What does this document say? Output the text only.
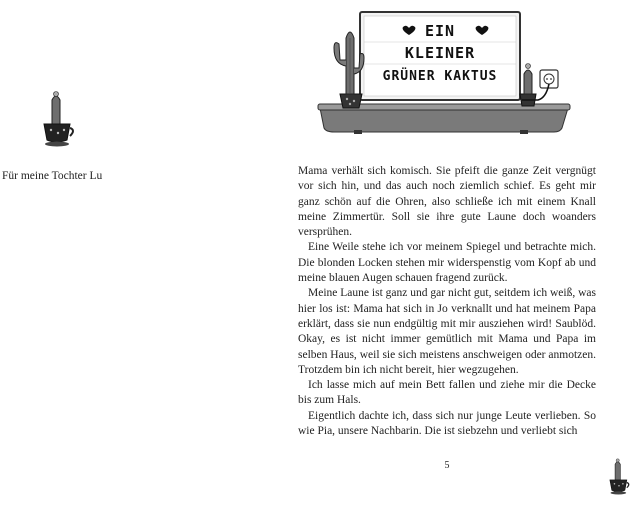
EIN
KLEINER
GRÜNER KAKTUS
Für meine Tochter Lu	Mama verhält sich komisch. Sie pfeift die ganze Zeit vergnügt vor sich hin, und das auch noch ziemlich schief. Es geht mir ganz schön auf die Ohren, also schließe ich mit einem Knall meine Zimmertür. Soll sie ihre gute Laune doch woanders versprühen.

Eine Weile stehe ich vor meinem Spiegel und betrachte mich. Die blonden Locken stehen mir widerspenstig vom Kopf ab und meine blauen Augen schauen fragend zurück.

Meine Laune ist ganz und gar nicht gut, seitdem ich weiß, was hier los ist: Mama hat sich in Jo verknallt und hat meinem Papa erklärt, dass sie nun endgültig mit mir ausziehen wird! Saublöd. Okay, es ist nicht immer gemütlich mit Mama und Papa im selben Haus, weil sie sich meistens anschweigen oder anmotzen. Trotzdem bin ich nicht bereit, hier wegzugehen.

Ich lasse mich auf mein Bett fallen und ziehe mir die Decke bis zum Hals.

Eigentlich dachte ich, dass sich nur junge Leute verlieben. So wie Pia, unsere Nachbarin. Die ist siebzehn und verliebt sich

5
